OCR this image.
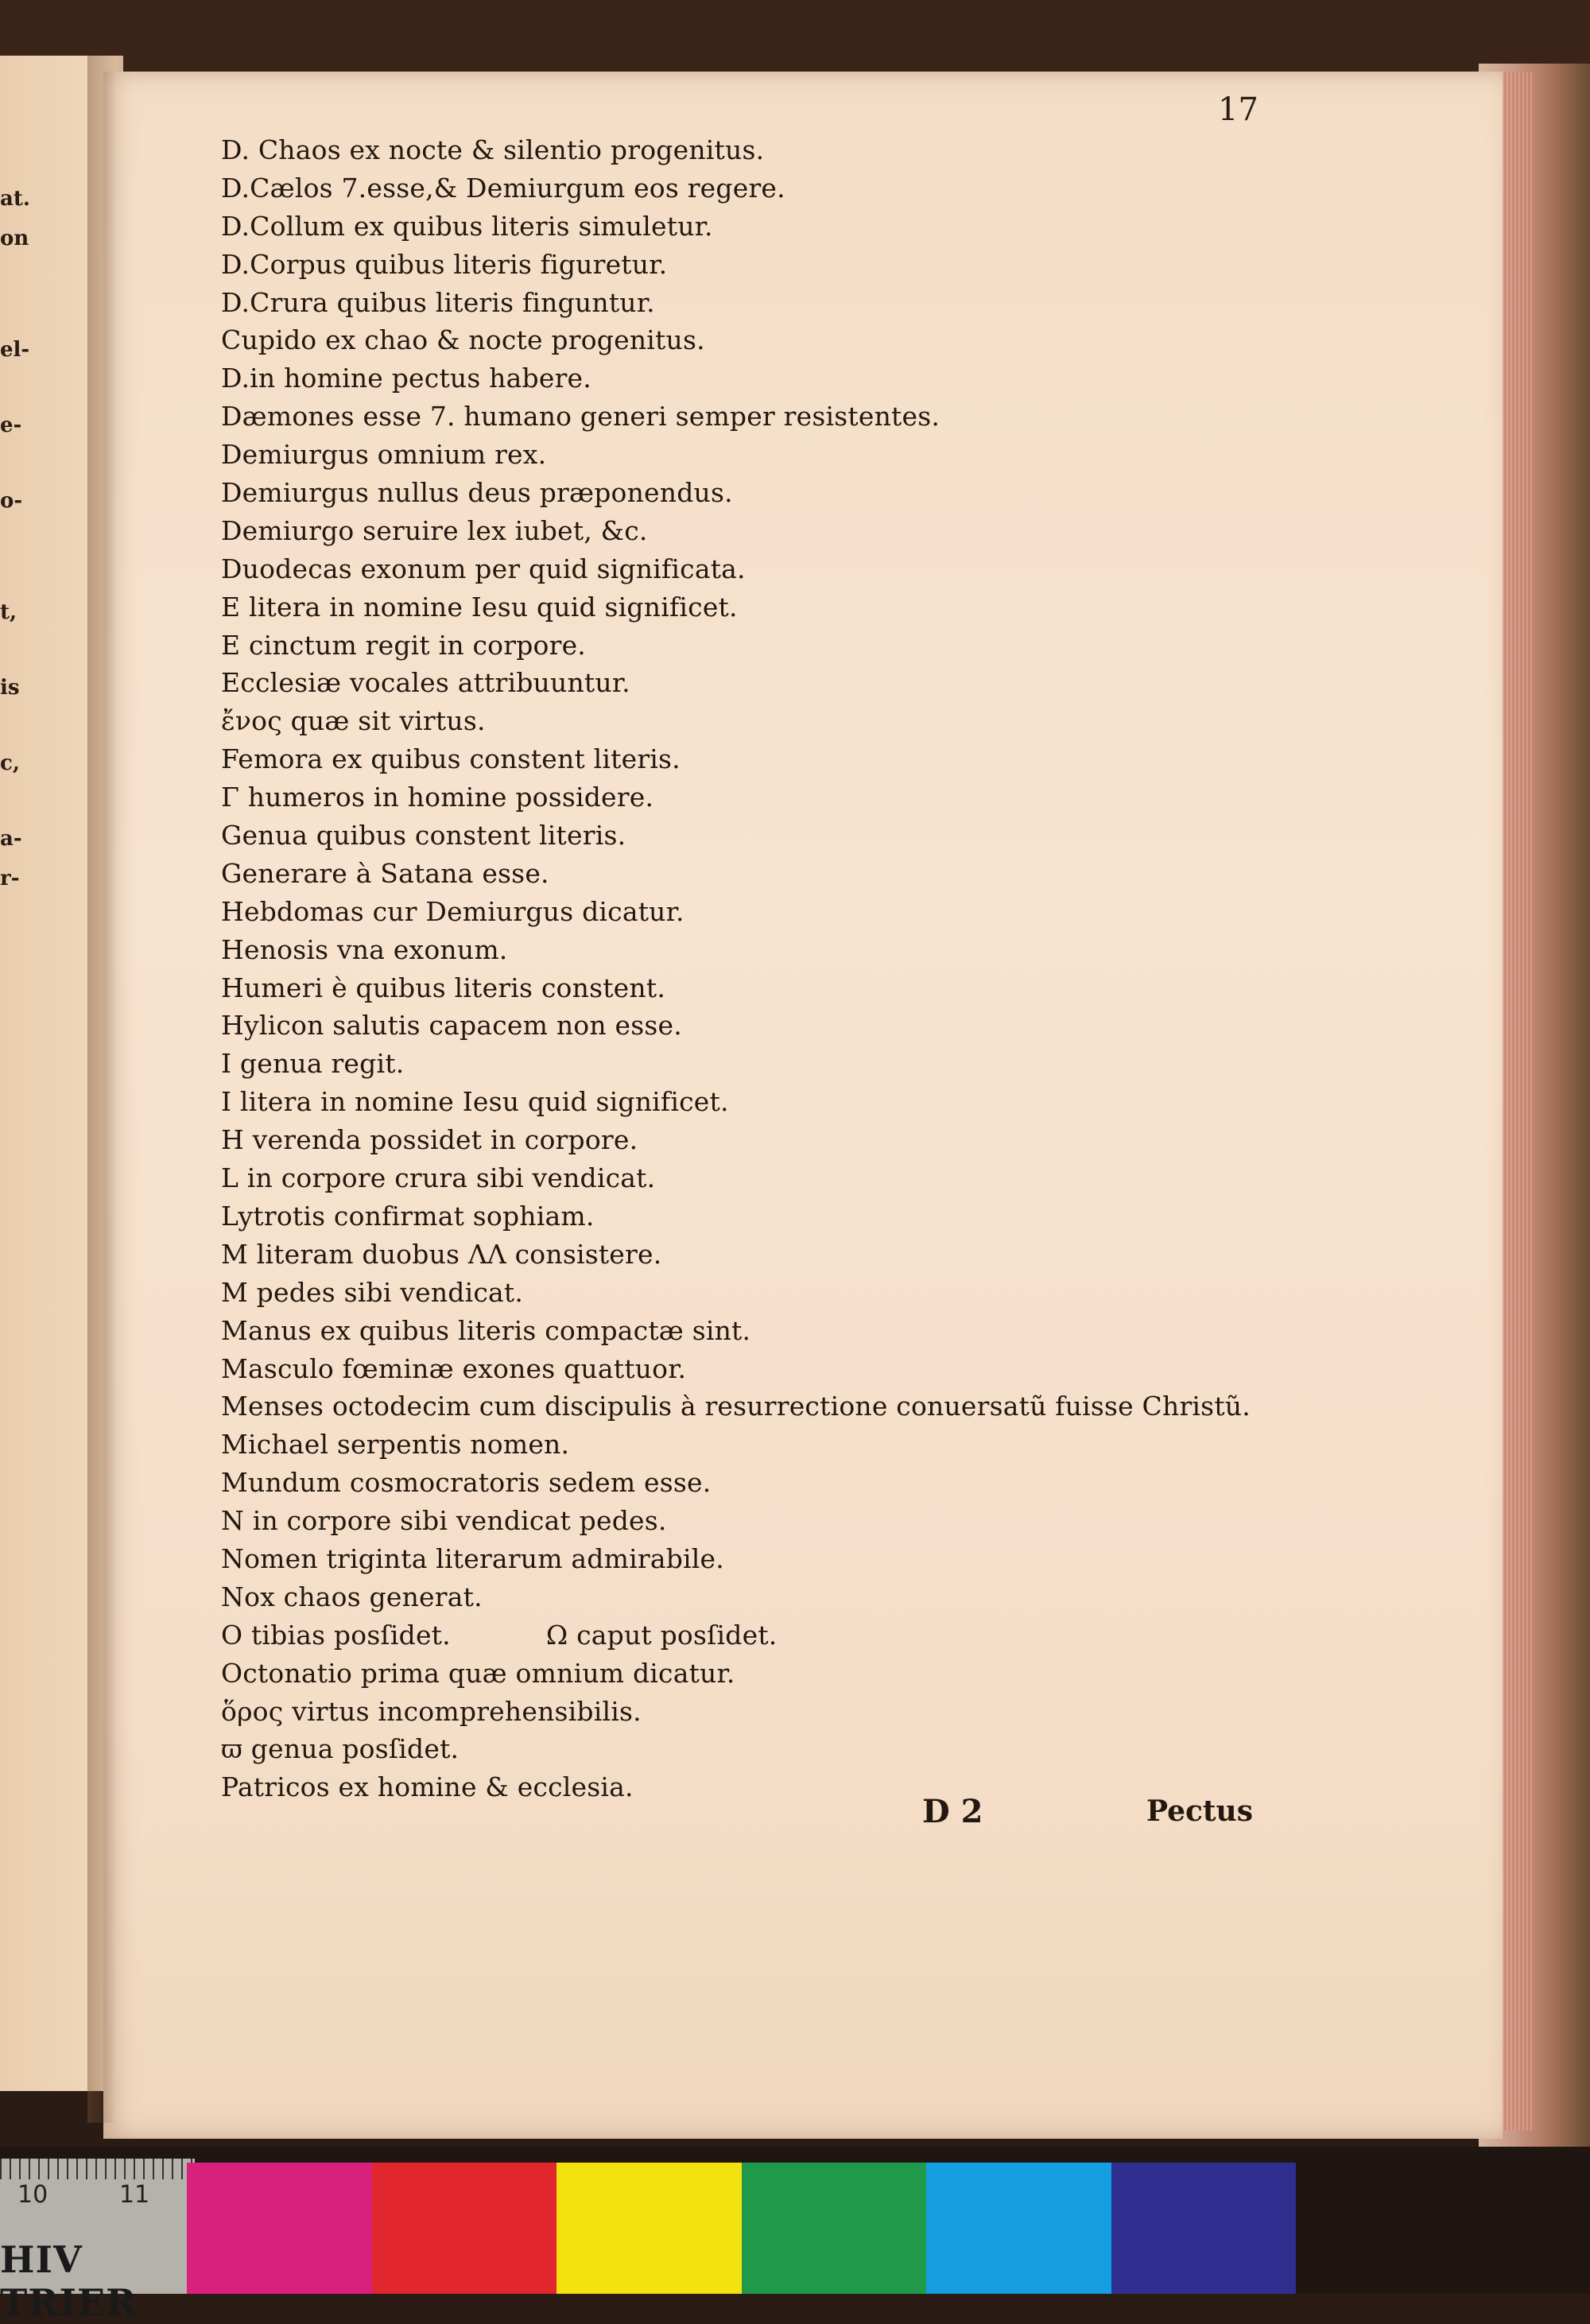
at.
on
el-
e-
o-
t,
is
c,
a-
r-
17
D. Chaos ex nocte & silentio progenitus.
D.Cælos 7.esse,& Demiurgum eos regere.
D.Collum ex quibus literis simuletur.
D.Corpus quibus literis figuretur.
D.Crura quibus literis finguntur.
Cupido ex chao & nocte progenitus.
D.in homine pectus habere.
Dæmones esse 7. humano generi semper resistentes.
Demiurgus omnium rex.
Demiurgus nullus deus præponendus.
Demiurgo seruire lex iubet, &c.
Duodecas exonum per quid significata.
E litera in nomine Iesu quid significet.
E cinctum regit in corpore.
Ecclesiæ vocales attribuuntur.
ἔνος quæ sit virtus.
Femora ex quibus constent literis.
Γ humeros in homine possidere.
Genua quibus constent literis.
Generare à Satana esse.
Hebdomas cur Demiurgus dicatur.
Henosis vna exonum.
Humeri è quibus literis constent.
Hylicon salutis capacem non esse.
I genua regit.
I litera in nomine Iesu quid significet.
H verenda possidet in corpore.
L in corpore crura sibi vendicat.
Lytrotis confirmat sophiam.
M literam duobus ΛΛ consistere.
M pedes sibi vendicat.
Manus ex quibus literis compactæ sint.
Masculo fœminæ exones quattuor.
Menses octodecim cum discipulis à resurrectione conuersatũ fuisse Christũ.
Michael serpentis nomen.
Mundum cosmocratoris sedem esse.
N in corpore sibi vendicat pedes.
Nomen triginta literarum admirabile.
Nox chaos generat.
O tibias posſidet.	Ω caput posſidet.
Octonatio prima quæ omnium dicatur.
ὅρος virtus incomprehensibilis.
ϖ genua posſidet.
Patricos ex homine & ecclesia.
D 2	Pectus
10	11
HIV TRIER
